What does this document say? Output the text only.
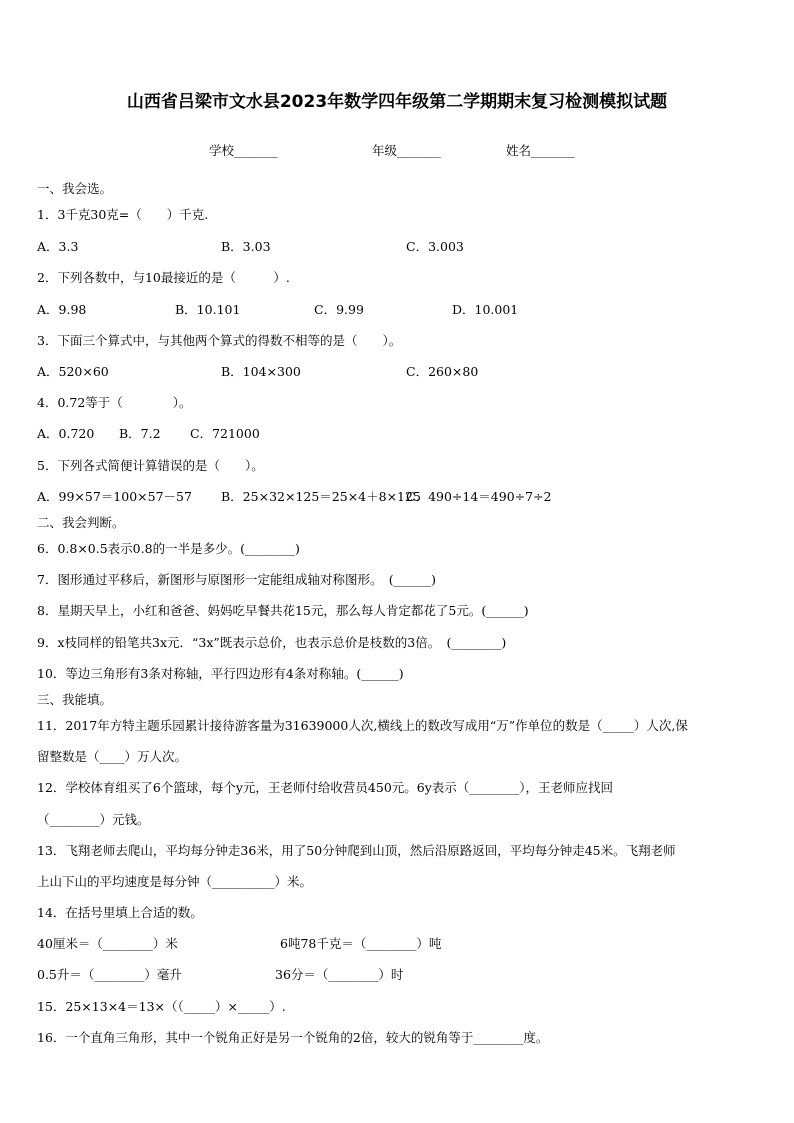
山西省吕梁市文水县2023年数学四年级第二学期期末复习检测模拟试题
学校_______	年级_______	姓名_______
一、我会选。
1．3千克30克=（　　）千克.
A．3.3	B．3.03	C．3.003
2．下列各数中，与10最接近的是（　　　）.
A．9.98	B．10.101	C．9.99	D．10.001
3．下面三个算式中，与其他两个算式的得数不相等的是（　　）。
A．520×60	B．104×300	C．260×80
4．0.72等于（　　　　）。
A．0.720 B．7.2 C．721000
5．下列各式简便计算错误的是（　　）。
A．99×57＝100×57－57 B．25×32×125＝25×4＋8×125
C．490÷14＝490÷7÷2
二、我会判断。
6．0.8×0.5表示0.8的一半是多少。(________)
7．图形通过平移后，新图形与原图形一定能组成轴对称图形。　(______)
8．星期天早上，小红和爸爸、妈妈吃早餐共花15元，那么每人肯定都花了5元。(______)
9．x枝同样的铅笔共3x元．“3x”既表示总价，也表示总价是枝数的3倍。　(________)
10．等边三角形有3条对称轴，平行四边形有4条对称轴。(______)
三、我能填。
11．2017年方特主题乐园累计接待游客量为31639000人次,横线上的数改写成用“万”作单位的数是（_____）人次,保
留整数是（____）万人次。
12．学校体育组买了6个篮球，每个y元，王老师付给收营员450元。6y表示（________），王老师应找回
（________）元钱。
13．飞翔老师去爬山，平均每分钟走36米，用了50分钟爬到山顶，然后沿原路返回，平均每分钟走45米。飞翔老师
上山下山的平均速度是每分钟（__________）米。
14．在括号里填上合适的数。
40厘米＝（________）米	6吨78千克＝（________）吨
0.5升＝（________）毫升	36分＝（________）时
15．25×13×4＝13×（（_____）×_____）.
16．一个直角三角形，其中一个锐角正好是另一个锐角的2倍，较大的锐角等于________度。
